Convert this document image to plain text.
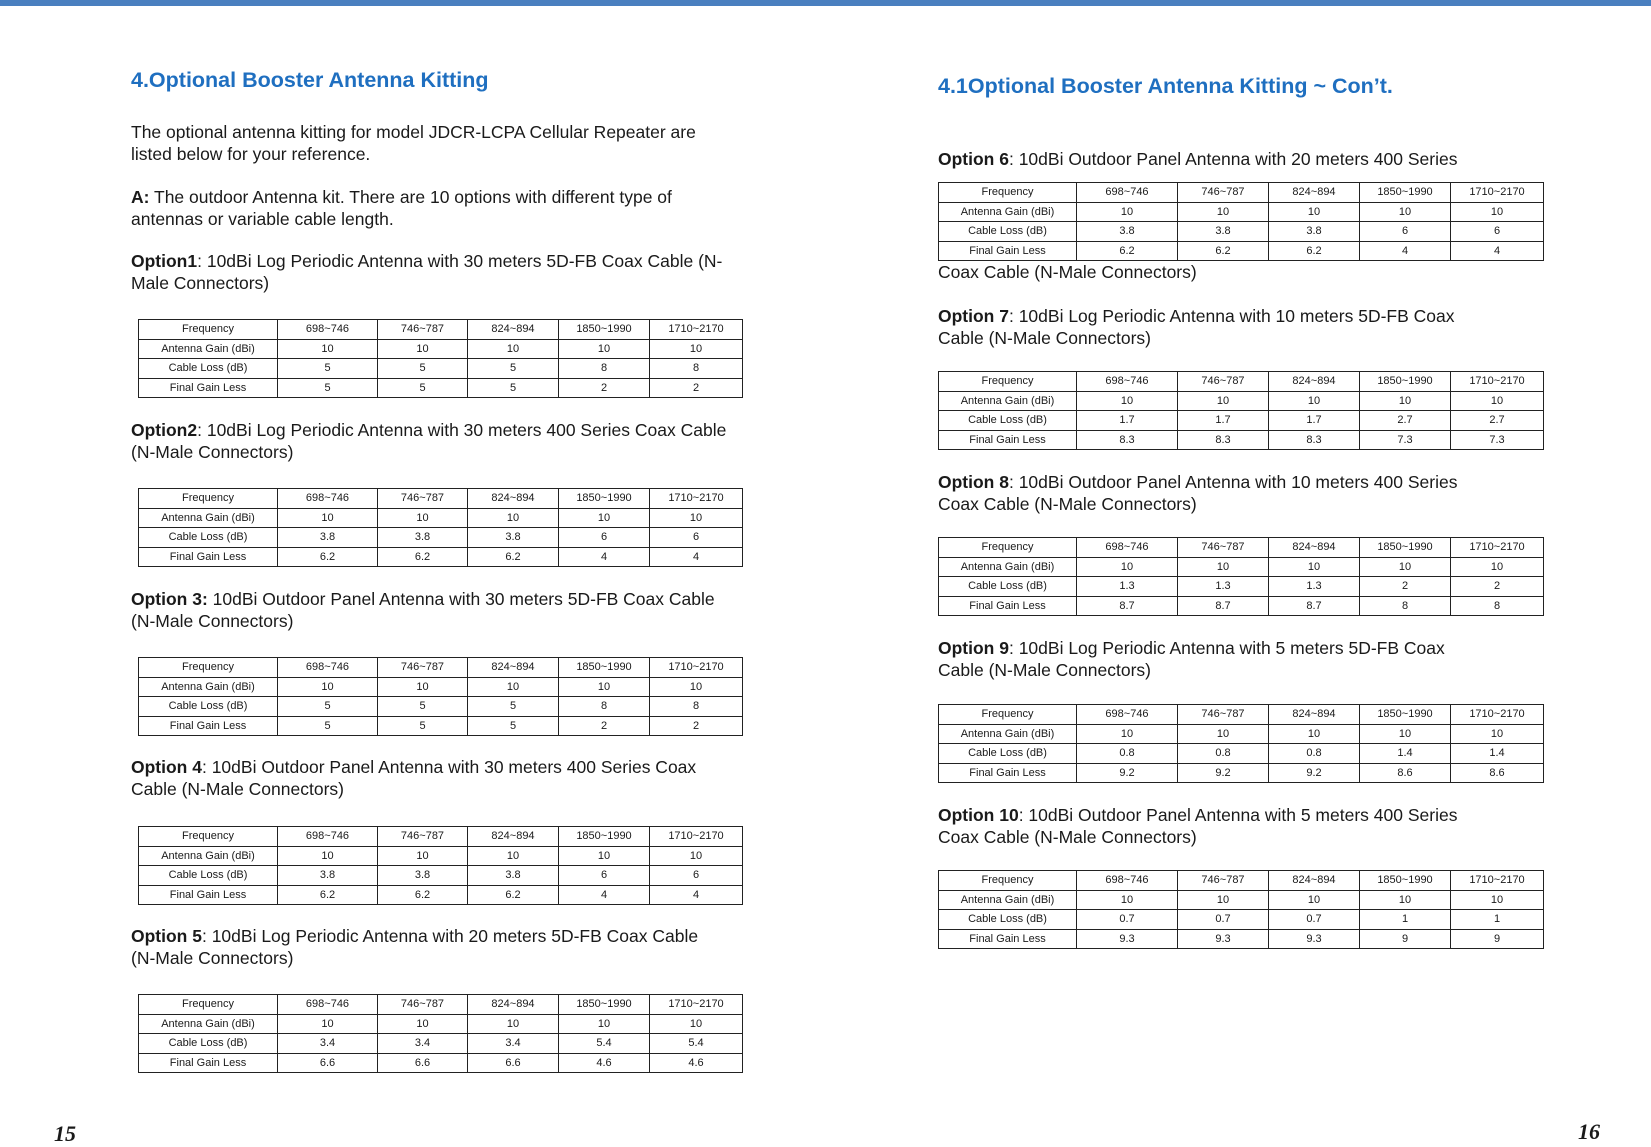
4.Optional Booster Antenna Kitting

The optional antenna kitting for model JDCR-LCPA Cellular Repeater are
listed below for your reference.

A: The outdoor Antenna kit. There are 10 options with different type of
antennas or variable cable length.

Option1: 10dBi Log Periodic Antenna with 30 meters 5D-FB Coax Cable (N-
Male Connectors)

Frequency	698~746	746~787	824~894	1850~1990	1710~2170
Antenna Gain (dBi)	10	10	10	10	10
Cable Loss (dB)	5	5	5	8	8
Final Gain Less	5	5	5	2	2

Option2: 10dBi Log Periodic Antenna with 30 meters 400 Series Coax Cable
(N-Male Connectors)

Frequency	698~746	746~787	824~894	1850~1990	1710~2170
Antenna Gain (dBi)	10	10	10	10	10
Cable Loss (dB)	3.8	3.8	3.8	6	6
Final Gain Less	6.2	6.2	6.2	4	4

Option 3: 10dBi Outdoor Panel Antenna with 30 meters 5D-FB Coax Cable
(N-Male Connectors)

Frequency	698~746	746~787	824~894	1850~1990	1710~2170
Antenna Gain (dBi)	10	10	10	10	10
Cable Loss (dB)	5	5	5	8	8
Final Gain Less	5	5	5	2	2

Option 4: 10dBi Outdoor Panel Antenna with 30 meters 400 Series Coax
Cable (N-Male Connectors)

Frequency	698~746	746~787	824~894	1850~1990	1710~2170
Antenna Gain (dBi)	10	10	10	10	10
Cable Loss (dB)	3.8	3.8	3.8	6	6
Final Gain Less	6.2	6.2	6.2	4	4

Option 5: 10dBi Log Periodic Antenna with 20 meters 5D-FB Coax Cable
(N-Male Connectors)

Frequency	698~746	746~787	824~894	1850~1990	1710~2170
Antenna Gain (dBi)	10	10	10	10	10
Cable Loss (dB)	3.4	3.4	3.4	5.4	5.4
Final Gain Less	6.6	6.6	6.6	4.6	4.6
4.1Optional Booster Antenna Kitting ~ Con’t.

Option 6: 10dBi Outdoor Panel Antenna with 20 meters 400 Series

Frequency	698~746	746~787	824~894	1850~1990	1710~2170
Antenna Gain (dBi)	10	10	10	10	10
Cable Loss (dB)	3.8	3.8	3.8	6	6
Final Gain Less	6.2	6.2	6.2	4	4

Coax Cable (N-Male Connectors)

Option 7: 10dBi Log Periodic Antenna with 10 meters 5D-FB Coax
Cable (N-Male Connectors)

Frequency	698~746	746~787	824~894	1850~1990	1710~2170
Antenna Gain (dBi)	10	10	10	10	10
Cable Loss (dB)	1.7	1.7	1.7	2.7	2.7
Final Gain Less	8.3	8.3	8.3	7.3	7.3

Option 8: 10dBi Outdoor Panel Antenna with 10 meters 400 Series
Coax Cable (N-Male Connectors)

Frequency	698~746	746~787	824~894	1850~1990	1710~2170
Antenna Gain (dBi)	10	10	10	10	10
Cable Loss (dB)	1.3	1.3	1.3	2	2
Final Gain Less	8.7	8.7	8.7	8	8

Option 9: 10dBi Log Periodic Antenna with 5 meters 5D-FB Coax
Cable (N-Male Connectors)

Frequency	698~746	746~787	824~894	1850~1990	1710~2170
Antenna Gain (dBi)	10	10	10	10	10
Cable Loss (dB)	0.8	0.8	0.8	1.4	1.4
Final Gain Less	9.2	9.2	9.2	8.6	8.6

Option 10: 10dBi Outdoor Panel Antenna with 5 meters 400 Series
Coax Cable (N-Male Connectors)

Frequency	698~746	746~787	824~894	1850~1990	1710~2170
Antenna Gain (dBi)	10	10	10	10	10
Cable Loss (dB)	0.7	0.7	0.7	1	1
Final Gain Less	9.3	9.3	9.3	9	9
15	16
